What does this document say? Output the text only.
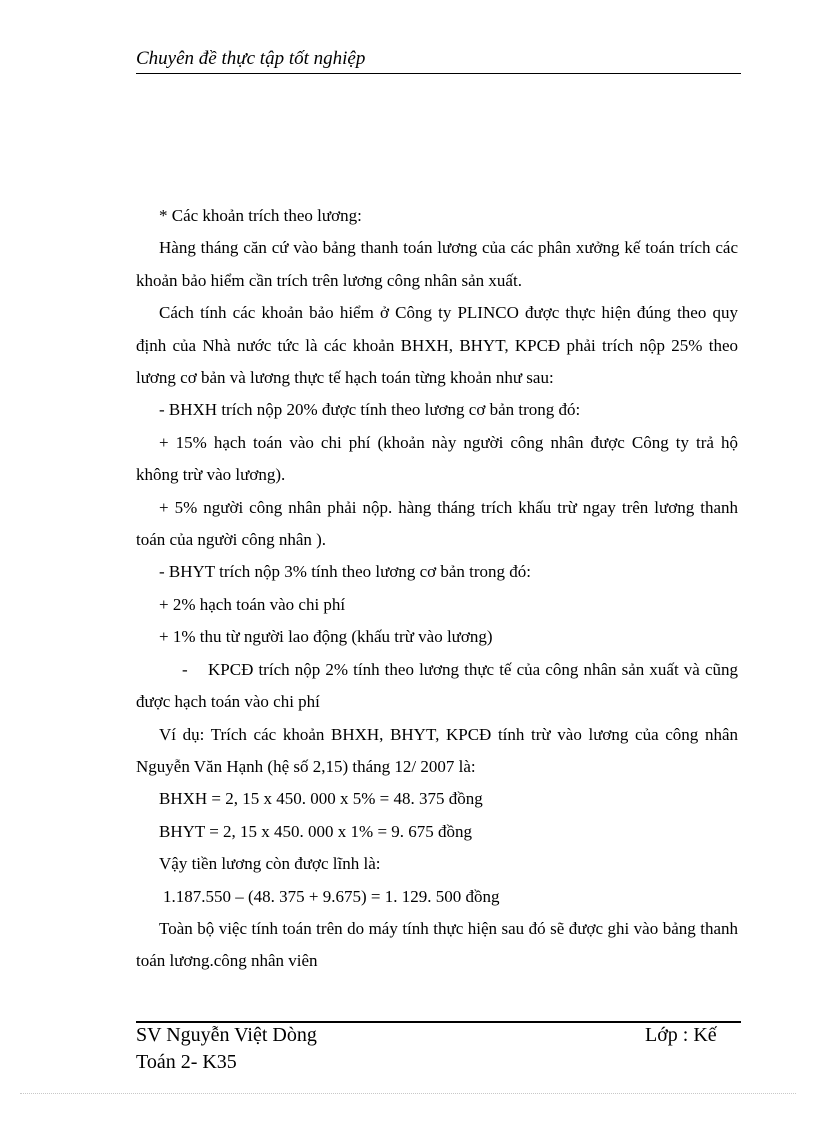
Chuyên đề thực tập tốt nghiệp

* Các khoản trích theo lương:

Hàng tháng căn cứ vào bảng thanh toán lương của các phân xưởng kế toán trích các khoản bảo hiểm cần trích trên lương công nhân sản xuất.

Cách tính các khoản bảo hiểm ở Công ty PLINCO được thực hiện đúng theo quy định của Nhà nước tức là các khoản BHXH, BHYT, KPCĐ phải trích nộp 25% theo lương cơ bản và lương thực tế hạch toán từng khoản như sau:

- BHXH trích nộp 20% được tính theo lương cơ bản trong đó:

+ 15% hạch toán vào chi phí (khoản này người công nhân được Công ty trả hộ không trừ vào lương).

+ 5% người công nhân phải nộp. hàng tháng trích khấu trừ ngay trên lương thanh toán của người công nhân ).

- BHYT trích nộp 3% tính theo lương cơ bản trong đó:

+ 2% hạch toán vào chi phí

+ 1% thu từ người lao động (khấu trừ vào lương)

- KPCĐ trích nộp 2% tính theo lương thực tế của công nhân sản xuất và cũng được hạch toán vào chi phí

Ví dụ: Trích các khoản BHXH, BHYT, KPCĐ tính trừ vào lương của công nhân Nguyễn Văn Hạnh (hệ số 2,15) tháng 12/ 2007 là:

BHXH = 2, 15 x 450. 000 x 5% = 48. 375 đồng

BHYT = 2, 15 x 450. 000 x 1% = 9. 675 đồng

Vậy tiền lương còn được lĩnh là:

1.187.550 – (48. 375 + 9.675) = 1. 129. 500 đồng

Toàn bộ việc tính toán trên do máy tính thực hiện sau đó sẽ được ghi vào bảng thanh toán lương.công nhân viên

SV Nguyễn Việt Dòng	Lớp : Kế
Toán 2- K35
